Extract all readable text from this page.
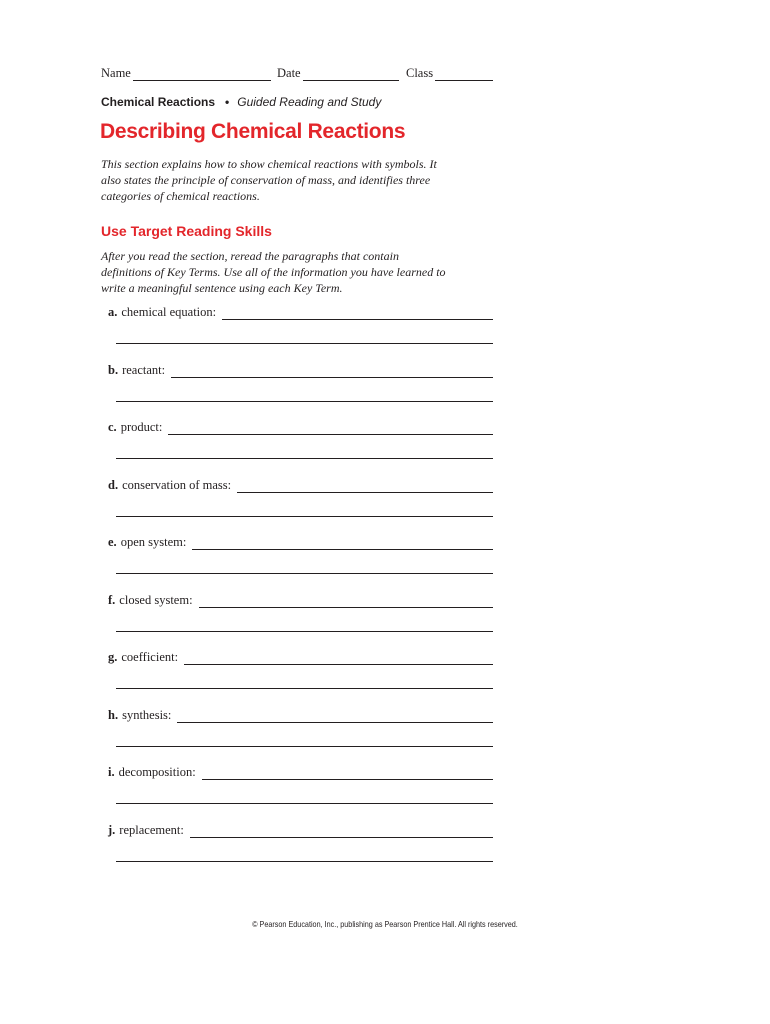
Name	Date	Class
Chemical Reactions • Guided Reading and Study
Describing Chemical Reactions

This section explains how to show chemical reactions with symbols. It also states the principle of conservation of mass, and identifies three categories of chemical reactions.

Use Target Reading Skills

After you read the section, reread the paragraphs that contain definitions of Key Terms. Use all of the information you have learned to write a meaningful sentence using each Key Term.

a. chemical equation:
b. reactant:
c. product:
d. conservation of mass:
e. open system:
f. closed system:
g. coefficient:
h. synthesis:
i. decomposition:
j. replacement:
© Pearson Education, Inc., publishing as Pearson Prentice Hall. All rights reserved.
